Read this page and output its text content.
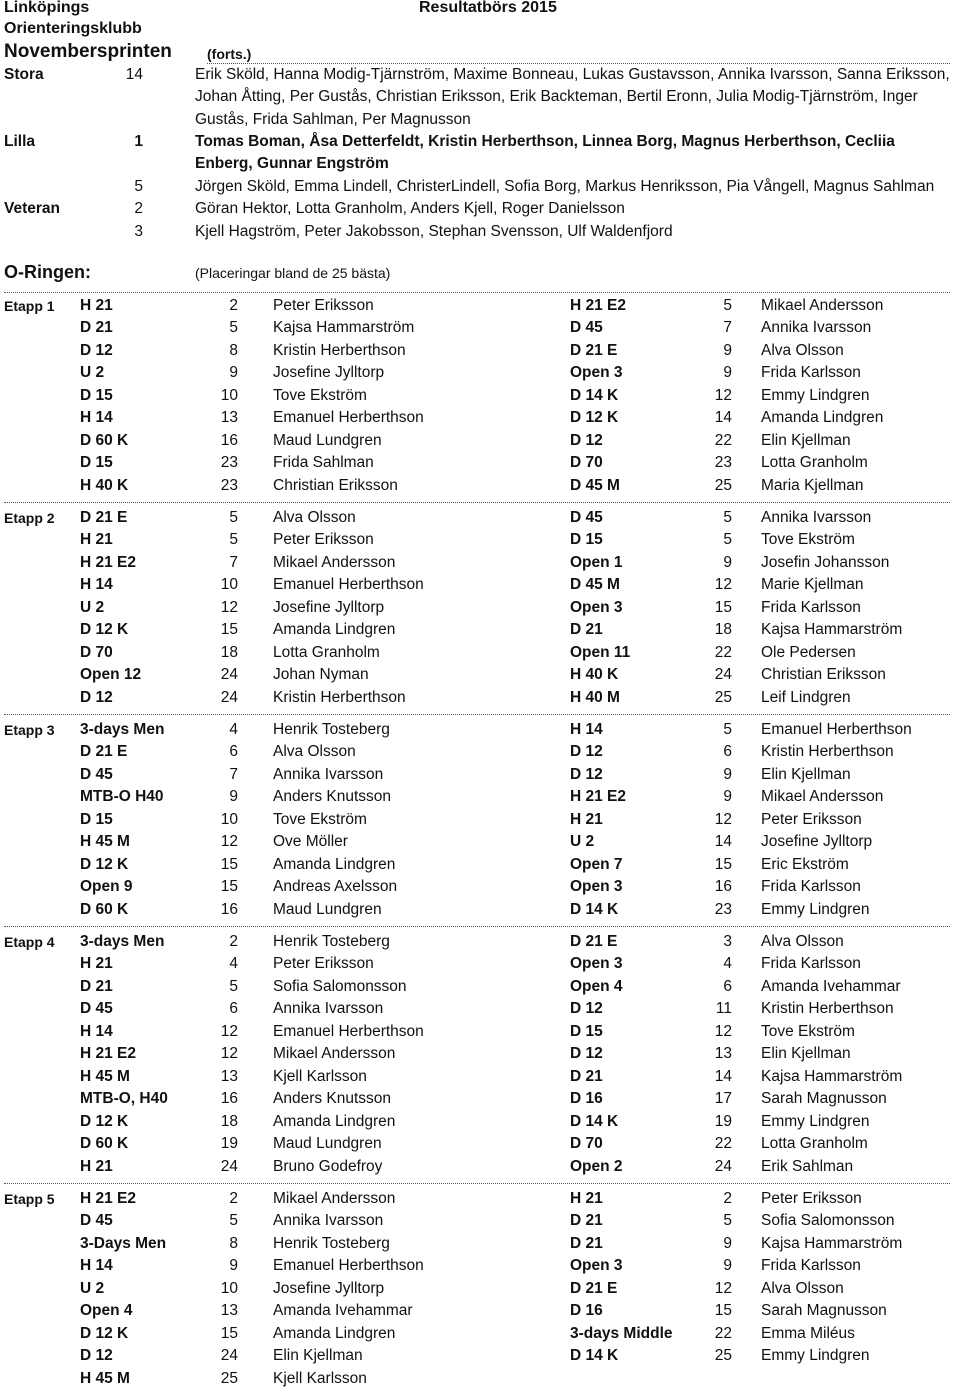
Linköpings
Orienteringsklubb
Resultatbörs 2015
Novembersprinten	(forts.)
Stora	14	Erik Sköld, Hanna Modig-Tjärnström, Maxime Bonneau, Lukas Gustavsson, Annika Ivarsson, Sanna Eriksson,
Johan Åtting, Per Gustås, Christian Eriksson, Erik Backteman, Bertil Eronn, Julia Modig-Tjärnström, Inger
Gustås, Frida Sahlman, Per Magnusson
Lilla	1	Tomas Boman, Åsa Detterfeldt, Kristin Herberthson, Linnea Borg, Magnus Herberthson, Cecliia
Enberg, Gunnar Engström
5	Jörgen Sköld, Emma Lindell, ChristerLindell, Sofia Borg, Markus Henriksson, Pia Vångell, Magnus Sahlman
Veteran	2	Göran Hektor, Lotta Granholm, Anders Kjell, Roger Danielsson
3	Kjell Hagström, Peter Jakobsson, Stephan Svensson, Ulf Waldenfjord
O-Ringen:	(Placeringar bland de 25 bästa)
Etapp 1 H 21	2 Peter Eriksson	H 21 E2	5 Mikael Andersson
D 21	5 Kajsa Hammarström	D 45	7 Annika Ivarsson
D 12	8 Kristin Herberthson	D 21 E	9 Alva Olsson
U 2	9 Josefine Jylltorp	Open 3	9 Frida Karlsson
D 15	10 Tove Ekström	D 14 K	12 Emmy Lindgren
H 14	13 Emanuel Herberthson	D 12 K	14 Amanda Lindgren
D 60 K	16 Maud Lundgren	D 12	22 Elin Kjellman
D 15	23 Frida Sahlman	D 70	23 Lotta Granholm
H 40 K	23 Christian Eriksson	D 45 M	25 Maria Kjellman
Etapp 2 D 21 E	5 Alva Olsson	D 45	5 Annika Ivarsson
H 21	5 Peter Eriksson	D 15	5 Tove Ekström
H 21 E2	7 Mikael Andersson	Open 1	9 Josefin Johansson
H 14	10 Emanuel Herberthson	D 45 M	12 Marie Kjellman
U 2	12 Josefine Jylltorp	Open 3	15 Frida Karlsson
D 12 K	15 Amanda Lindgren	D 21	18 Kajsa Hammarström
D 70	18 Lotta Granholm	Open 11	22 Ole Pedersen
Open 12	24 Johan Nyman	H 40 K	24 Christian Eriksson
D 12	24 Kristin Herberthson	H 40 M	25 Leif Lindgren
Etapp 3 3-days Men	4 Henrik Tosteberg	H 14	5 Emanuel Herberthson
D 21 E	6 Alva Olsson	D 12	6 Kristin Herberthson
D 45	7 Annika Ivarsson	D 12	9 Elin Kjellman
MTB-O H40	9 Anders Knutsson	H 21 E2	9 Mikael Andersson
D 15	10 Tove Ekström	H 21	12 Peter Eriksson
H 45 M	12 Ove Möller	U 2	14 Josefine Jylltorp
D 12 K	15 Amanda Lindgren	Open 7	15 Eric Ekström
Open 9	15 Andreas Axelsson	Open 3	16 Frida Karlsson
D 60 K	16 Maud Lundgren	D 14 K	23 Emmy Lindgren
Etapp 4 3-days Men	2 Henrik Tosteberg	D 21 E	3 Alva Olsson
H 21	4 Peter Eriksson	Open 3	4 Frida Karlsson
D 21	5 Sofia Salomonsson	Open 4	6 Amanda Ivehammar
D 45	6 Annika Ivarsson	D 12	11 Kristin Herberthson
H 14	12 Emanuel Herberthson	D 15	12 Tove Ekström
H 21 E2	12 Mikael Andersson	D 12	13 Elin Kjellman
H 45 M	13 Kjell Karlsson	D 21	14 Kajsa Hammarström
MTB-O, H40	16 Anders Knutsson	D 16	17 Sarah Magnusson
D 12 K	18 Amanda Lindgren	D 14 K	19 Emmy Lindgren
D 60 K	19 Maud Lundgren	D 70	22 Lotta Granholm
H 21	24 Bruno Godefroy	Open 2	24 Erik Sahlman
Etapp 5 H 21 E2	2 Mikael Andersson	H 21	2 Peter Eriksson
D 45	5 Annika Ivarsson	D 21	5 Sofia Salomonsson
3-Days Men	8 Henrik Tosteberg	D 21	9 Kajsa Hammarström
H 14	9 Emanuel Herberthson	Open 3	9 Frida Karlsson
U 2	10 Josefine Jylltorp	D 21 E	12 Alva Olsson
Open 4	13 Amanda Ivehammar	D 16	15 Sarah Magnusson
D 12 K	15 Amanda Lindgren	3-days Middle	22 Emma Miléus
D 12	24 Elin Kjellman	D 14 K	25 Emmy Lindgren
H 45 M	25 Kjell Karlsson
